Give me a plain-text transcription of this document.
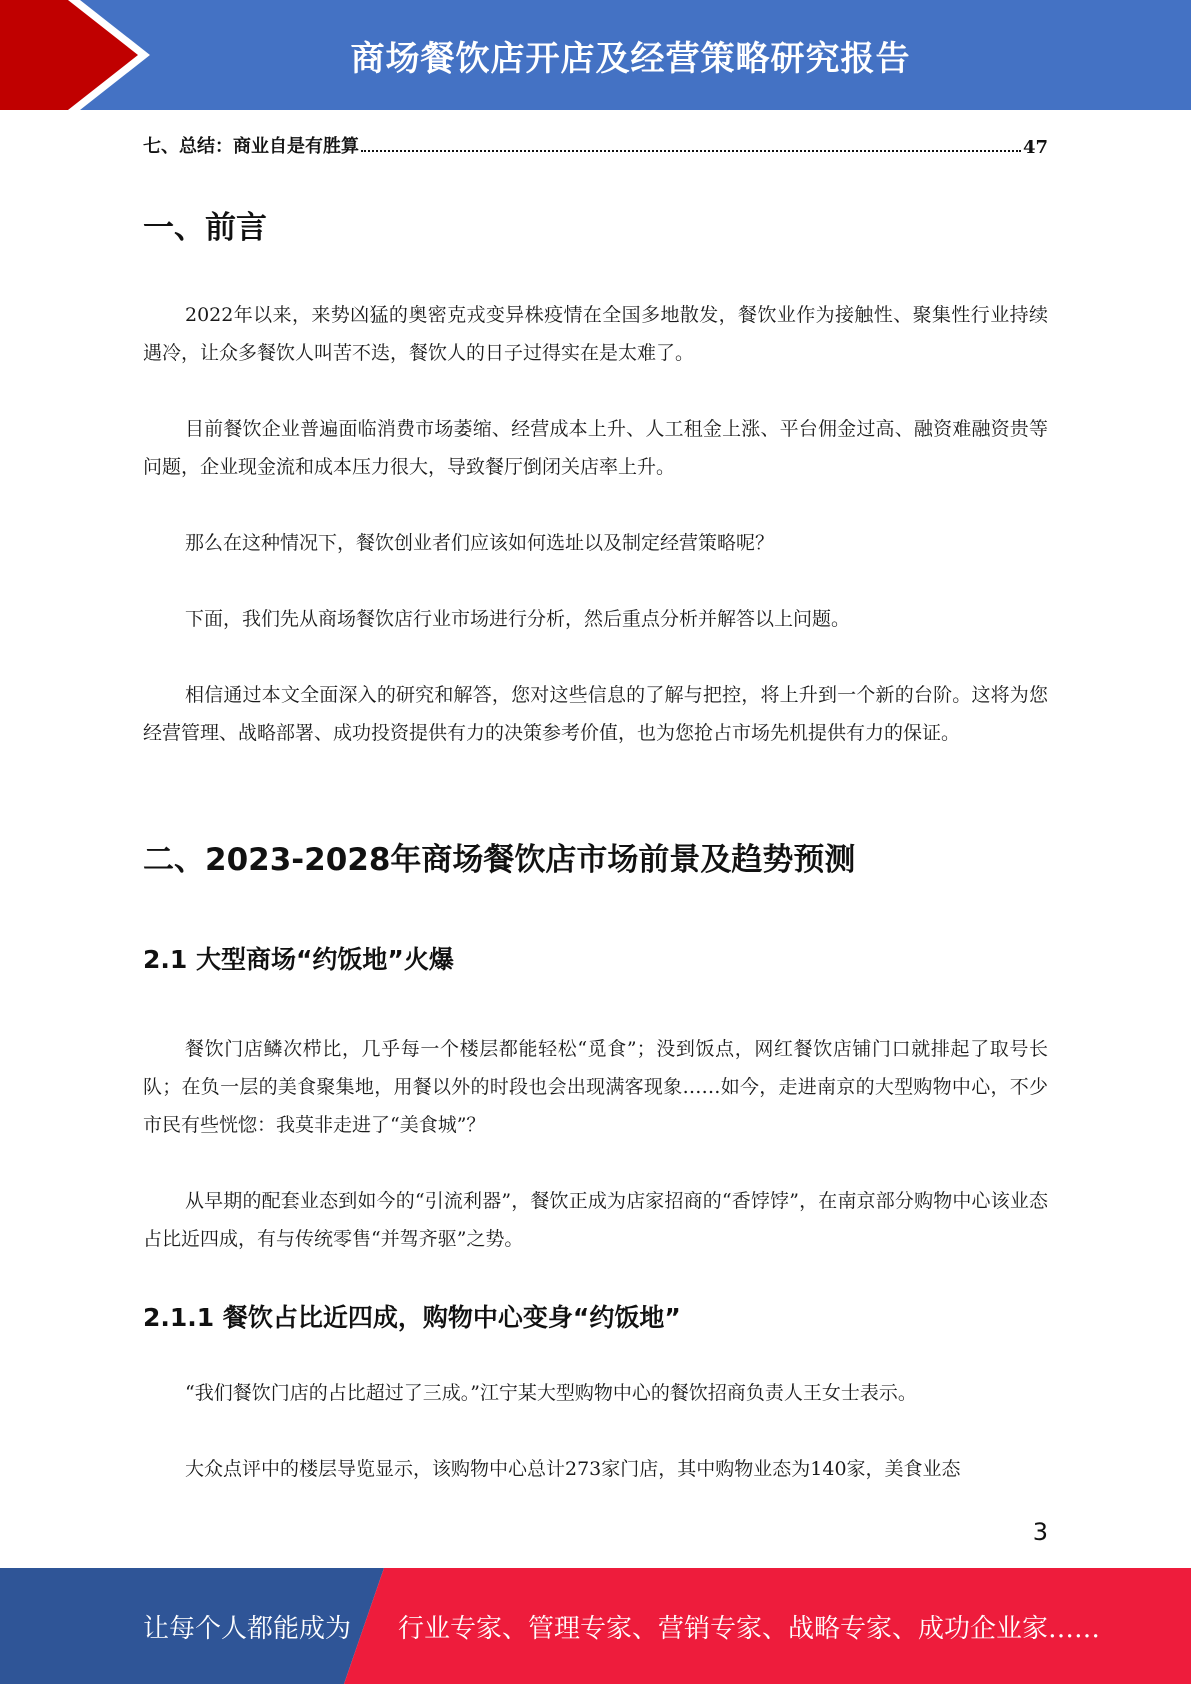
商场餐饮店开店及经营策略研究报告
七、总结：商业自是有胜算	47
一、前言
2022年以来，来势凶猛的奥密克戎变异株疫情在全国多地散发，餐饮业作为接触性、聚集性行业持续遇冷，让众多餐饮人叫苦不迭，餐饮人的日子过得实在是太难了。
目前餐饮企业普遍面临消费市场萎缩、经营成本上升、人工租金上涨、平台佣金过高、融资难融资贵等问题，企业现金流和成本压力很大，导致餐厅倒闭关店率上升。
那么在这种情况下，餐饮创业者们应该如何选址以及制定经营策略呢？
下面，我们先从商场餐饮店行业市场进行分析，然后重点分析并解答以上问题。
相信通过本文全面深入的研究和解答，您对这些信息的了解与把控，将上升到一个新的台阶。这将为您经营管理、战略部署、成功投资提供有力的决策参考价值，也为您抢占市场先机提供有力的保证。
二、2023-2028年商场餐饮店市场前景及趋势预测
2.1 大型商场“约饭地”火爆
餐饮门店鳞次栉比，几乎每一个楼层都能轻松“觅食”；没到饭点，网红餐饮店铺门口就排起了取号长队；在负一层的美食聚集地，用餐以外的时段也会出现满客现象……如今，走进南京的大型购物中心，不少市民有些恍惚：我莫非走进了“美食城”？
从早期的配套业态到如今的“引流利器”，餐饮正成为店家招商的“香饽饽”，在南京部分购物中心该业态占比近四成，有与传统零售“并驾齐驱”之势。
2.1.1 餐饮占比近四成，购物中心变身“约饭地”
“我们餐饮门店的占比超过了三成。”江宁某大型购物中心的餐饮招商负责人王女士表示。
大众点评中的楼层导览显示，该购物中心总计273家门店，其中购物业态为140家，美食业态
3
让每个人都能成为 行业专家、管理专家、营销专家、战略专家、成功企业家……
